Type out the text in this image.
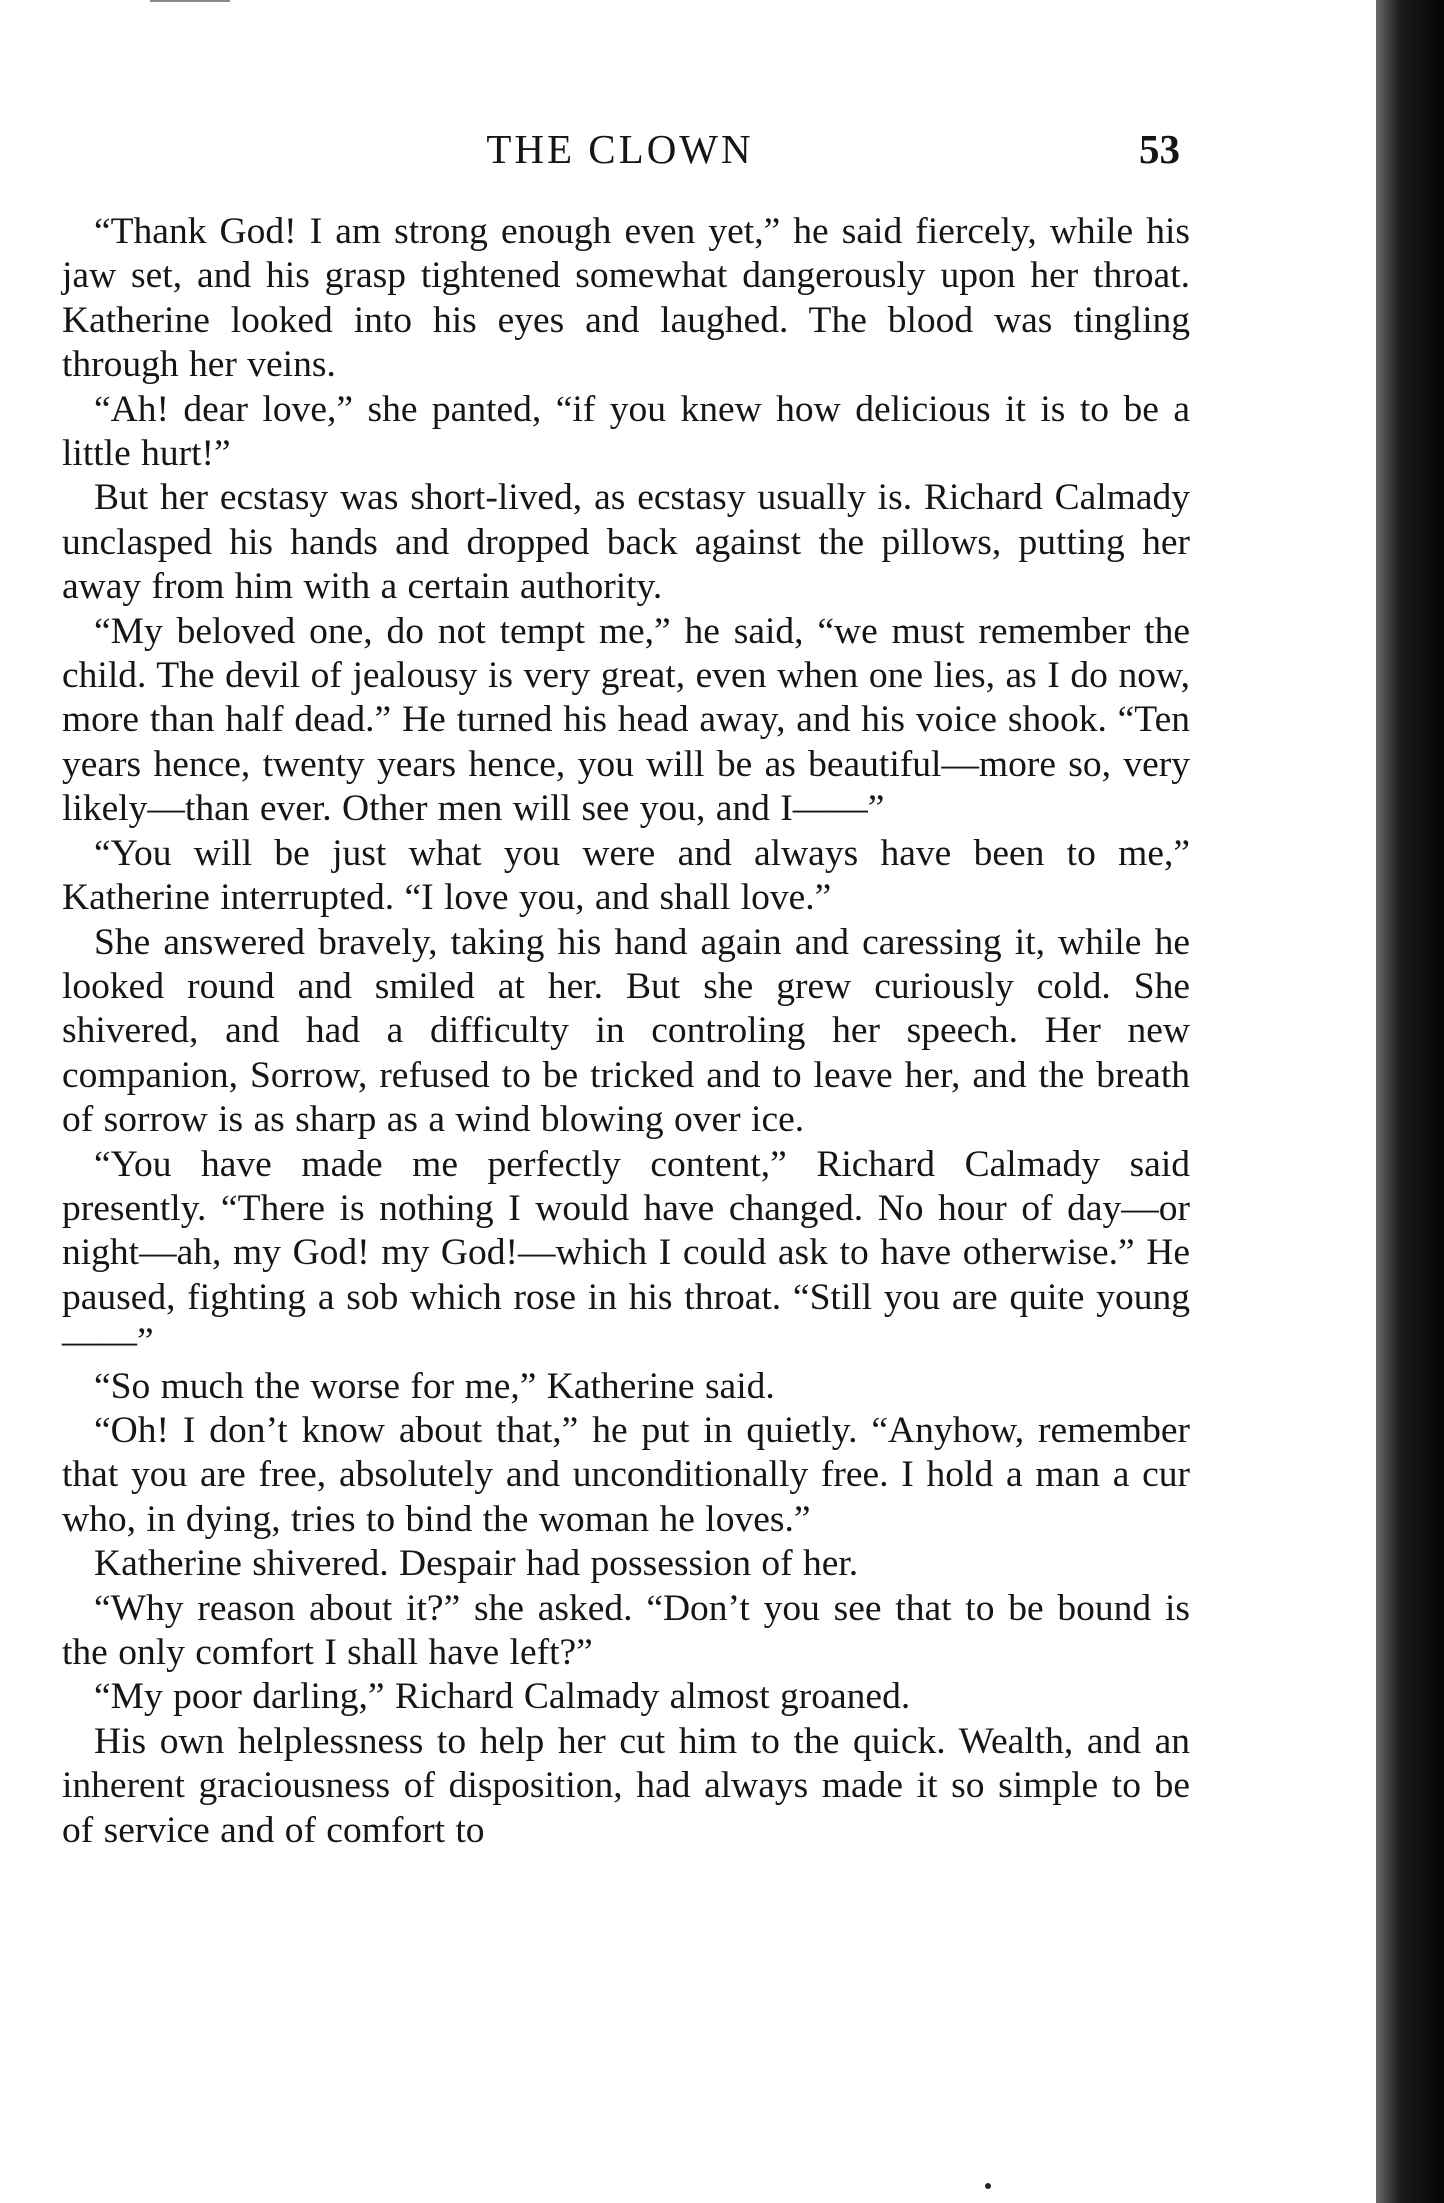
THE CLOWN	53

“Thank God! I am strong enough even yet,” he said fiercely, while his jaw set, and his grasp tightened somewhat dangerously upon her throat. Katherine looked into his eyes and laughed. The blood was tingling through her veins.

“Ah! dear love,” she panted, “if you knew how delicious it is to be a little hurt!”

But her ecstasy was short-lived, as ecstasy usually is. Richard Calmady unclasped his hands and dropped back against the pillows, putting her away from him with a certain authority.

“My beloved one, do not tempt me,” he said, “we must remember the child. The devil of jealousy is very great, even when one lies, as I do now, more than half dead.” He turned his head away, and his voice shook. “Ten years hence, twenty years hence, you will be as beautiful—more so, very likely—than ever. Other men will see you, and I——”

“You will be just what you were and always have been to me,” Katherine interrupted. “I love you, and shall love.”

She answered bravely, taking his hand again and caressing it, while he looked round and smiled at her. But she grew curiously cold. She shivered, and had a difficulty in controling her speech. Her new companion, Sorrow, refused to be tricked and to leave her, and the breath of sorrow is as sharp as a wind blowing over ice.

“You have made me perfectly content,” Richard Calmady said presently. “There is nothing I would have changed. No hour of day—or night—ah, my God! my God!—which I could ask to have otherwise.” He paused, fighting a sob which rose in his throat. “Still you are quite young——”

“So much the worse for me,” Katherine said.

“Oh! I don’t know about that,” he put in quietly. “Anyhow, remember that you are free, absolutely and unconditionally free. I hold a man a cur who, in dying, tries to bind the woman he loves.”

Katherine shivered. Despair had possession of her.

“Why reason about it?” she asked. “Don’t you see that to be bound is the only comfort I shall have left?”

“My poor darling,” Richard Calmady almost groaned.

His own helplessness to help her cut him to the quick. Wealth, and an inherent graciousness of disposition, had always made it so simple to be of service and of comfort to
